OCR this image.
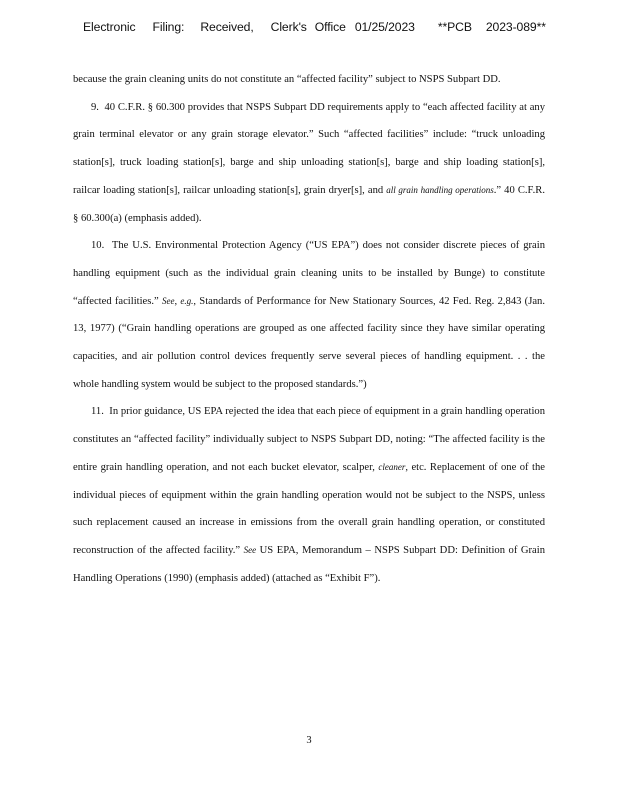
Electronic Filing: Received, Clerk's Office 01/25/2023 **PCB 2023-089**

because the grain cleaning units do not constitute an “affected facility” subject to NSPS Subpart DD.

9.  40 C.F.R. § 60.300 provides that NSPS Subpart DD requirements apply to “each affected facility at any grain terminal elevator or any grain storage elevator.” Such “affected facilities” include: “truck unloading station[s], truck loading station[s], barge and ship unloading station[s], barge and ship loading station[s], railcar loading station[s], railcar unloading station[s], grain dryer[s], and all grain handling operations.” 40 C.F.R. § 60.300(a) (emphasis added).

10.  The U.S. Environmental Protection Agency (“US EPA”) does not consider discrete pieces of grain handling equipment (such as the individual grain cleaning units to be installed by Bunge) to constitute “affected facilities.” See, e.g., Standards of Performance for New Stationary Sources, 42 Fed. Reg. 2,843 (Jan. 13, 1977) (“Grain handling operations are grouped as one affected facility since they have similar operating capacities, and air pollution control devices frequently serve several pieces of handling equipment. . . the whole handling system would be subject to the proposed standards.”)

11.  In prior guidance, US EPA rejected the idea that each piece of equipment in a grain handling operation constitutes an “affected facility” individually subject to NSPS Subpart DD, noting: “The affected facility is the entire grain handling operation, and not each bucket elevator, scalper, cleaner, etc. Replacement of one of the individual pieces of equipment within the grain handling operation would not be subject to the NSPS, unless such replacement caused an increase in emissions from the overall grain handling operation, or constituted reconstruction of the affected facility.” See US EPA, Memorandum – NSPS Subpart DD: Definition of Grain Handling Operations (1990) (emphasis added) (attached as “Exhibit F”).

3
